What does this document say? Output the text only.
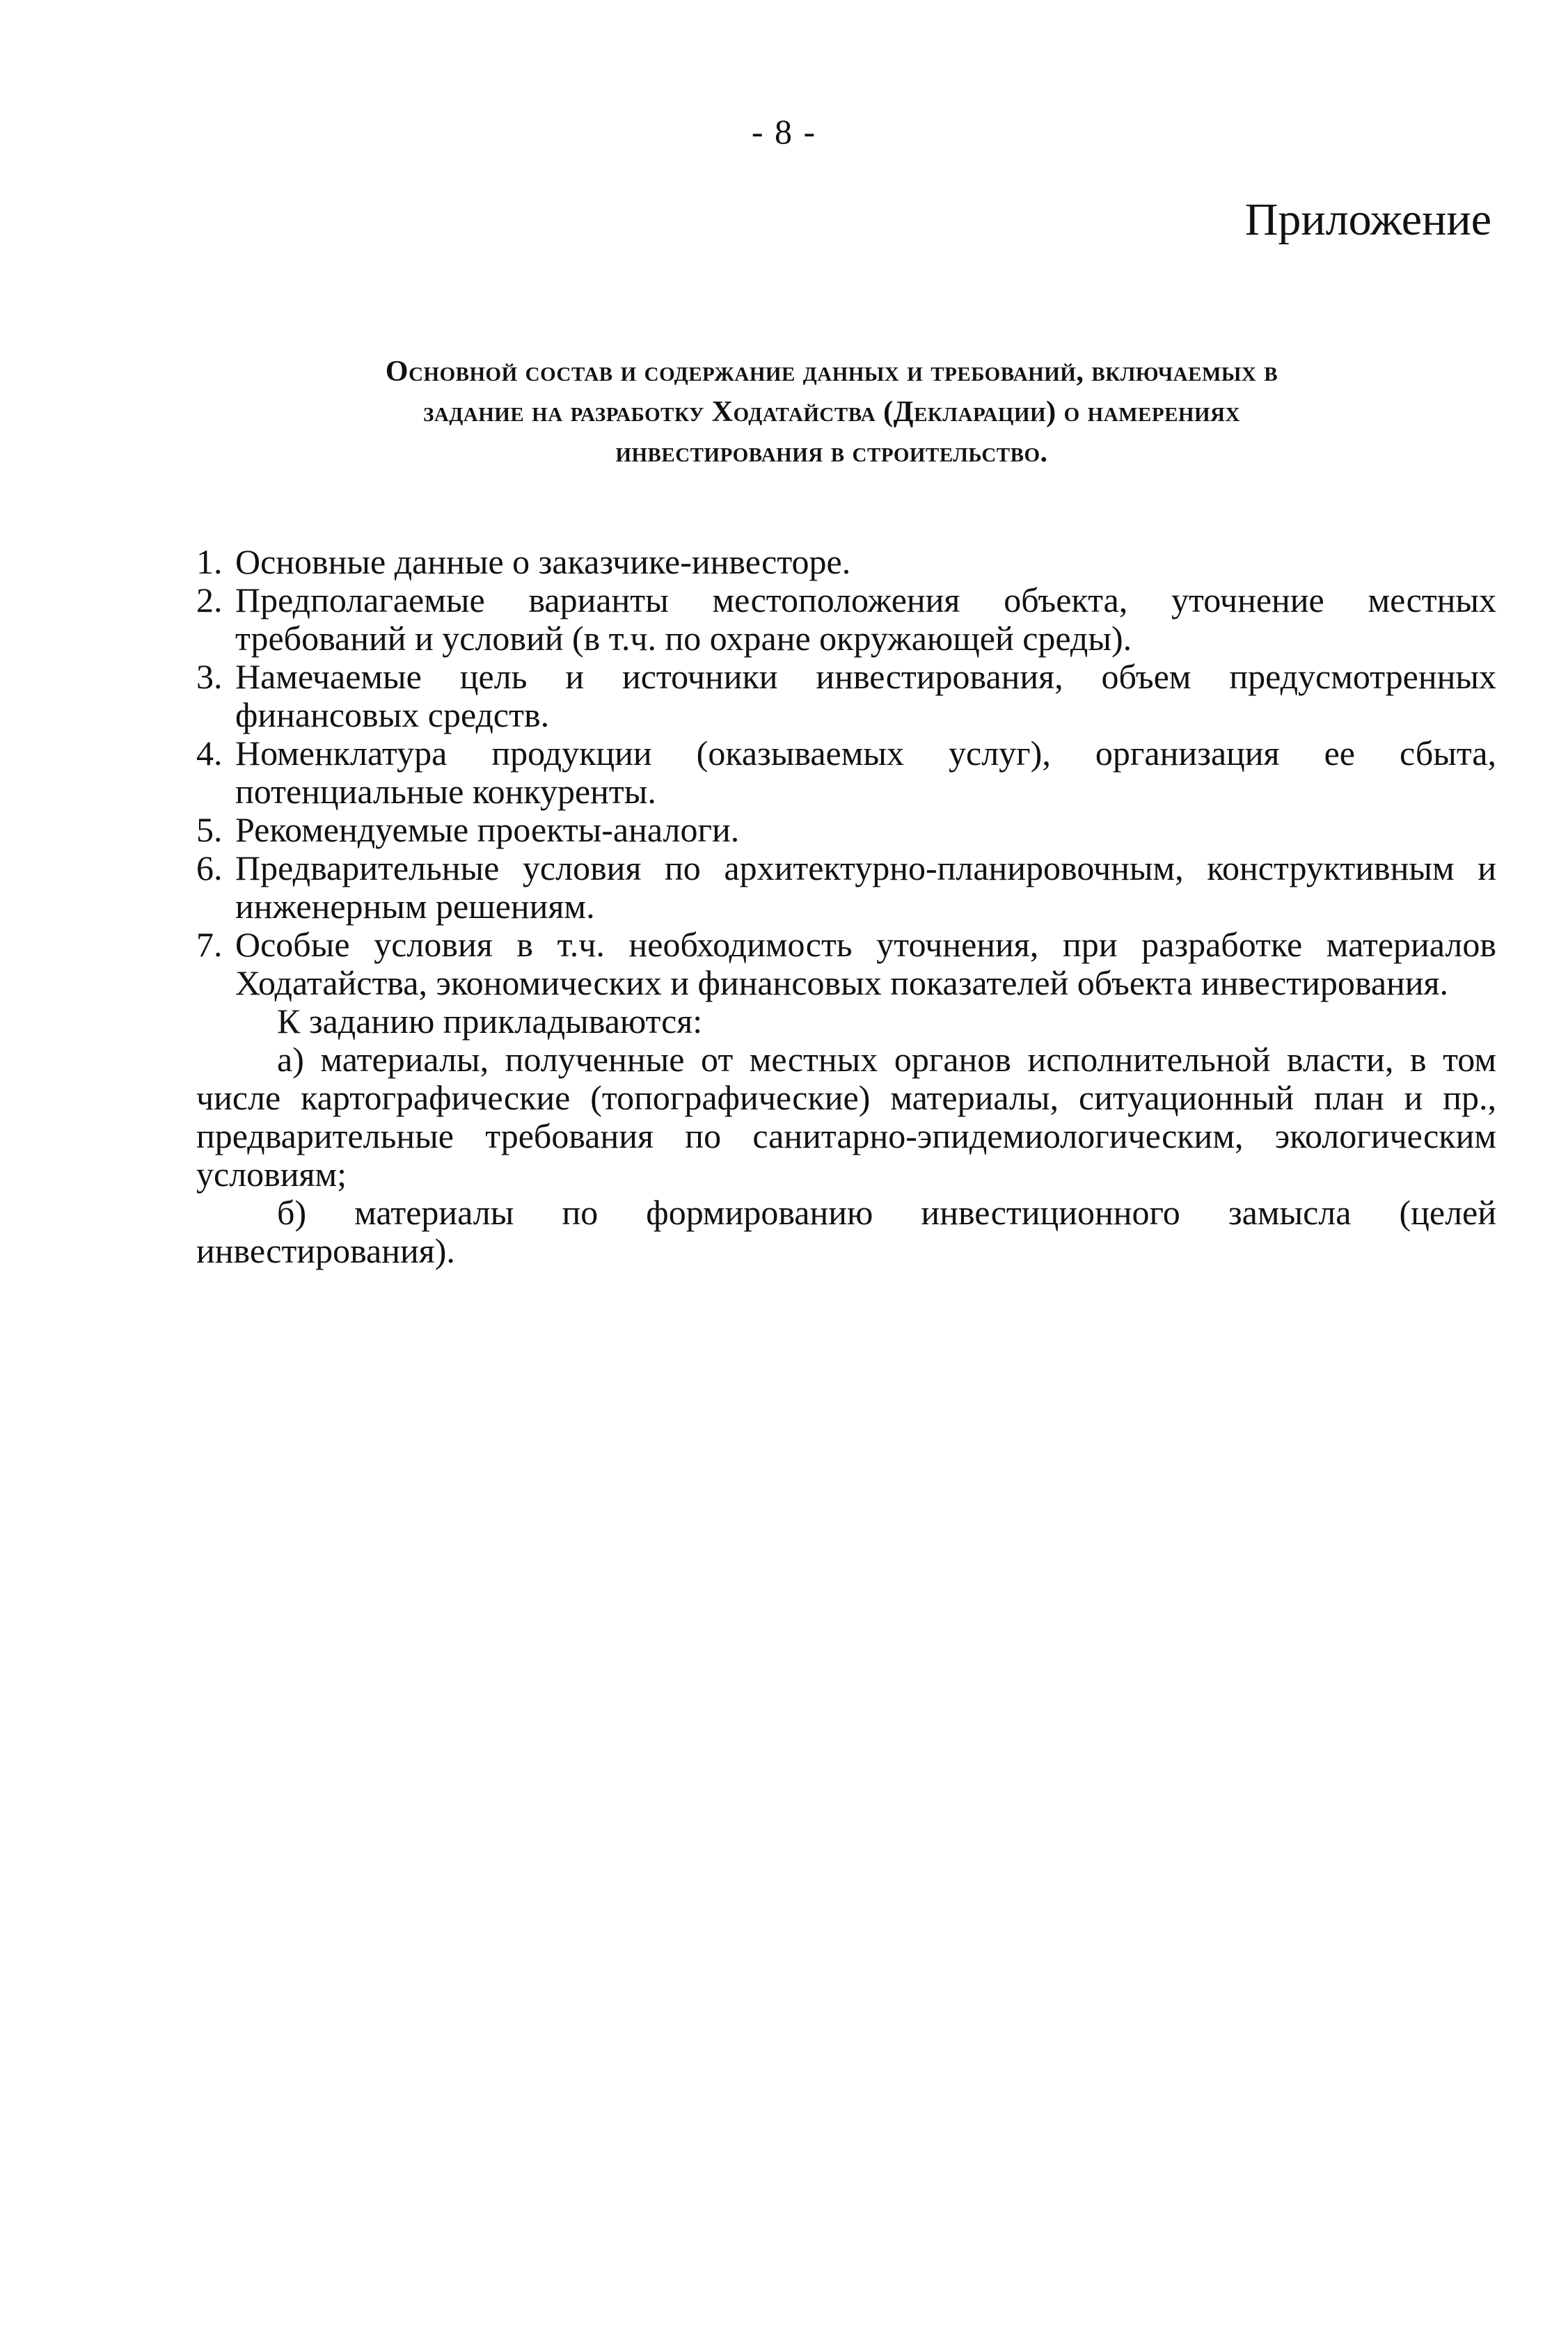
- 8 -
Приложение
Основной состав и содержание данных и требований, включаемых в
задание на разработку Ходатайства (Декларации) о намерениях
инвестирования в строительство.
1. Основные данные о заказчике-инвесторе.
2. Предполагаемые варианты местоположения объекта, уточнение местных требований и условий (в т.ч. по охране окружающей среды).
3. Намечаемые цель и источники инвестирования, объем предусмотренных финансовых средств.
4. Номенклатура продукции (оказываемых услуг), организация ее сбыта, потенциальные конкуренты.
5. Рекомендуемые проекты-аналоги.
6. Предварительные условия по архитектурно-планировочным, конструктивным и инженерным решениям.
7. Особые условия в т.ч. необходимость уточнения, при разработке материалов Ходатайства, экономических и финансовых показателей объекта инвестирования.

К заданию прикладываются:

а) материалы, полученные от местных органов исполнительной власти, в том числе картографические (топографические) материалы, ситуационный план и пр., предварительные требования по санитарно-эпидемиологическим, экологическим условиям;

б) материалы по формированию инвестиционного замысла (целей инвестирования).
